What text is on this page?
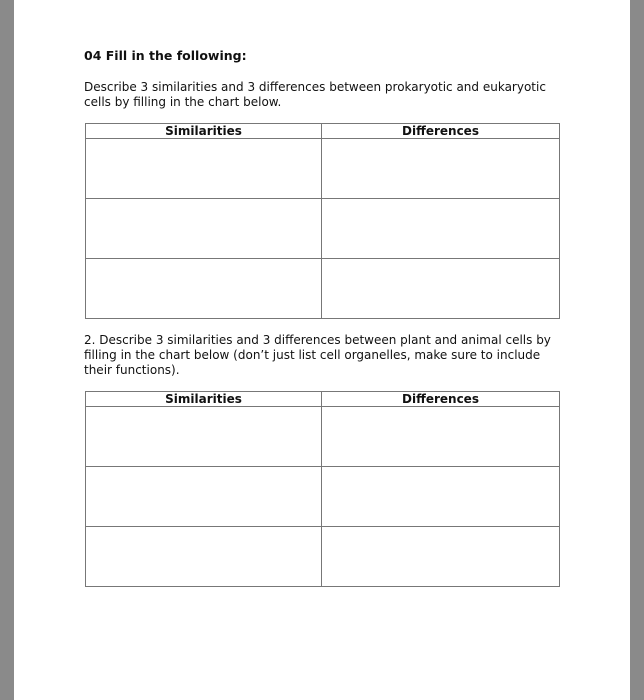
04 Fill in the following:
Describe 3 similarities and 3 differences between prokaryotic and eukaryotic cells by filling in the chart below.
Similarities	Differences

2. Describe 3 similarities and 3 differences between plant and animal cells by filling in the chart below (don’t just list cell organelles, make sure to include their functions).
Similarities	Differences
